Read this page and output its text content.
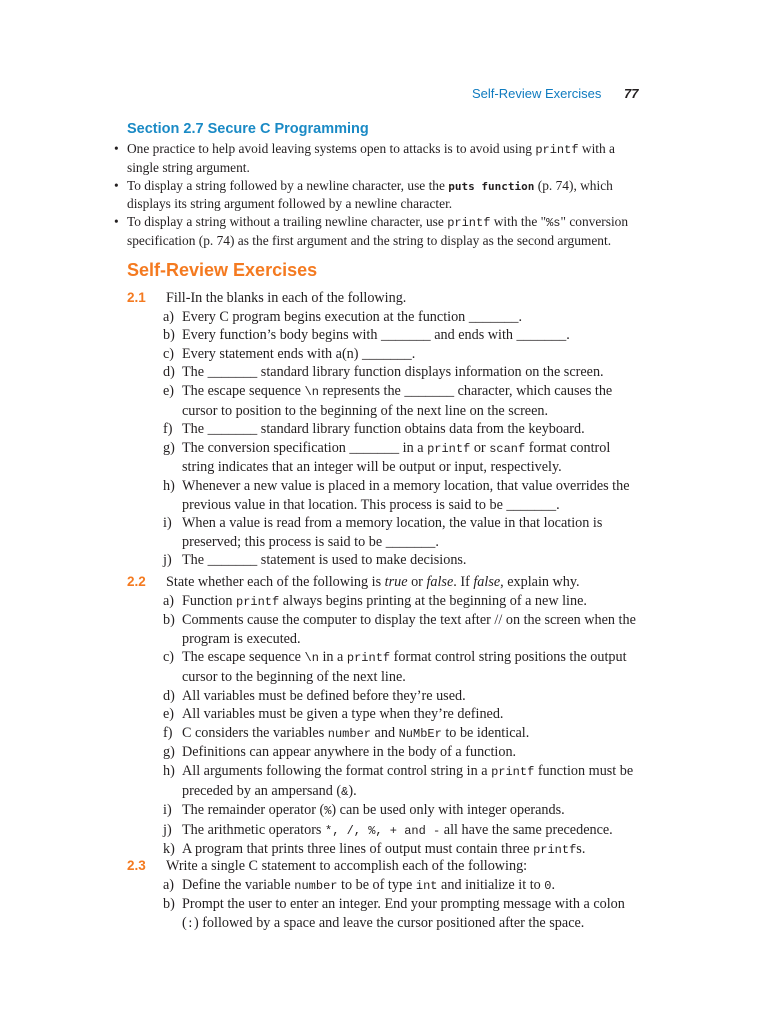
Self-Review Exercises 77
Section 2.7 Secure C Programming
• One practice to help avoid leaving systems open to attacks is to avoid using printf with a single string argument.
• To display a string followed by a newline character, use the puts function (p. 74), which displays its string argument followed by a newline character.
• To display a string without a trailing newline character, use printf with the "%s" conversion specification (p. 74) as the first argument and the string to display as the second argument.
Self-Review Exercises
2.1	Fill-In the blanks in each of the following.
a) Every C program begins execution at the function _______.
b) Every function’s body begins with _______ and ends with _______.
c) Every statement ends with a(n) _______.
d) The _______ standard library function displays information on the screen.
e) The escape sequence \n represents the _______ character, which causes the cursor to position to the beginning of the next line on the screen.
f) The _______ standard library function obtains data from the keyboard.
g) The conversion specification _______ in a printf or scanf format control string indicates that an integer will be output or input, respectively.
h) Whenever a new value is placed in a memory location, that value overrides the previous value in that location. This process is said to be _______.
i) When a value is read from a memory location, the value in that location is preserved; this process is said to be _______.
j) The _______ statement is used to make decisions.
2.2	State whether each of the following is true or false. If false, explain why.
a) Function printf always begins printing at the beginning of a new line.
b) Comments cause the computer to display the text after // on the screen when the program is executed.
c) The escape sequence \n in a printf format control string positions the output cursor to the beginning of the next line.
d) All variables must be defined before they’re used.
e) All variables must be given a type when they’re defined.
f) C considers the variables number and NuMbEr to be identical.
g) Definitions can appear anywhere in the body of a function.
h) All arguments following the format control string in a printf function must be preceded by an ampersand (&).
i) The remainder operator (%) can be used only with integer operands.
j) The arithmetic operators *, /, %, + and - all have the same precedence.
k) A program that prints three lines of output must contain three printfs.
2.3	Write a single C statement to accomplish each of the following:
a) Define the variable number to be of type int and initialize it to 0.
b) Prompt the user to enter an integer. End your prompting message with a colon (:) followed by a space and leave the cursor positioned after the space.
